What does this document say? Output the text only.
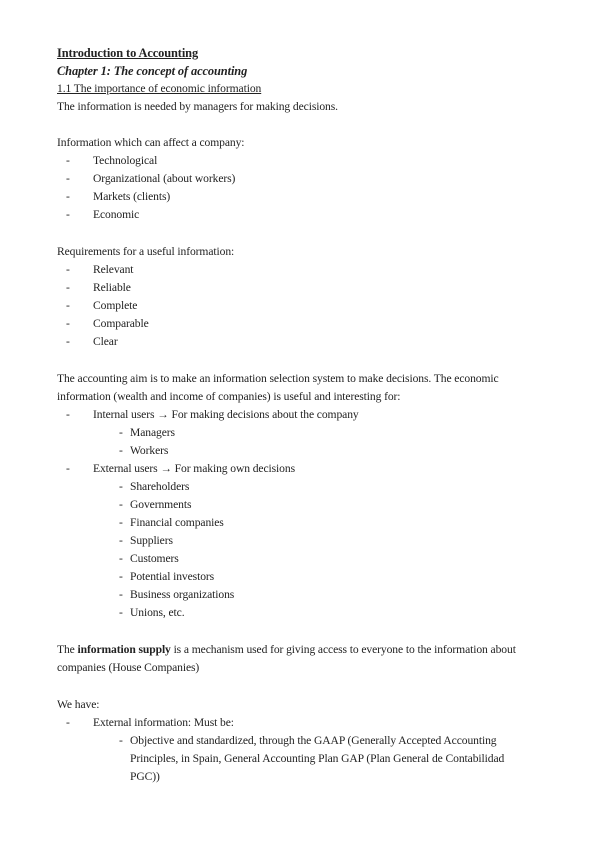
Introduction to Accounting
Chapter 1: The concept of accounting
1.1 The importance of economic information
The information is needed by managers for making decisions.
Information which can affect a company:
- Technological
- Organizational (about workers)
- Markets (clients)
- Economic
Requirements for a useful information:
- Relevant
- Reliable
- Complete
- Comparable
- Clear
The accounting aim is to make an information selection system to make decisions. The economic information (wealth and income of companies) is useful and interesting for:
- Internal users → For making decisions about the company
- Managers
- Workers
- External users → For making own decisions
- Shareholders
- Governments
- Financial companies
- Suppliers
- Customers
- Potential investors
- Business organizations
- Unions, etc.
The information supply is a mechanism used for giving access to everyone to the information about companies (House Companies)
We have:
- External information: Must be:
- Objective and standardized, through the GAAP (Generally Accepted Accounting Principles, in Spain, General Accounting Plan GAP (Plan General de Contabilidad PGC))
